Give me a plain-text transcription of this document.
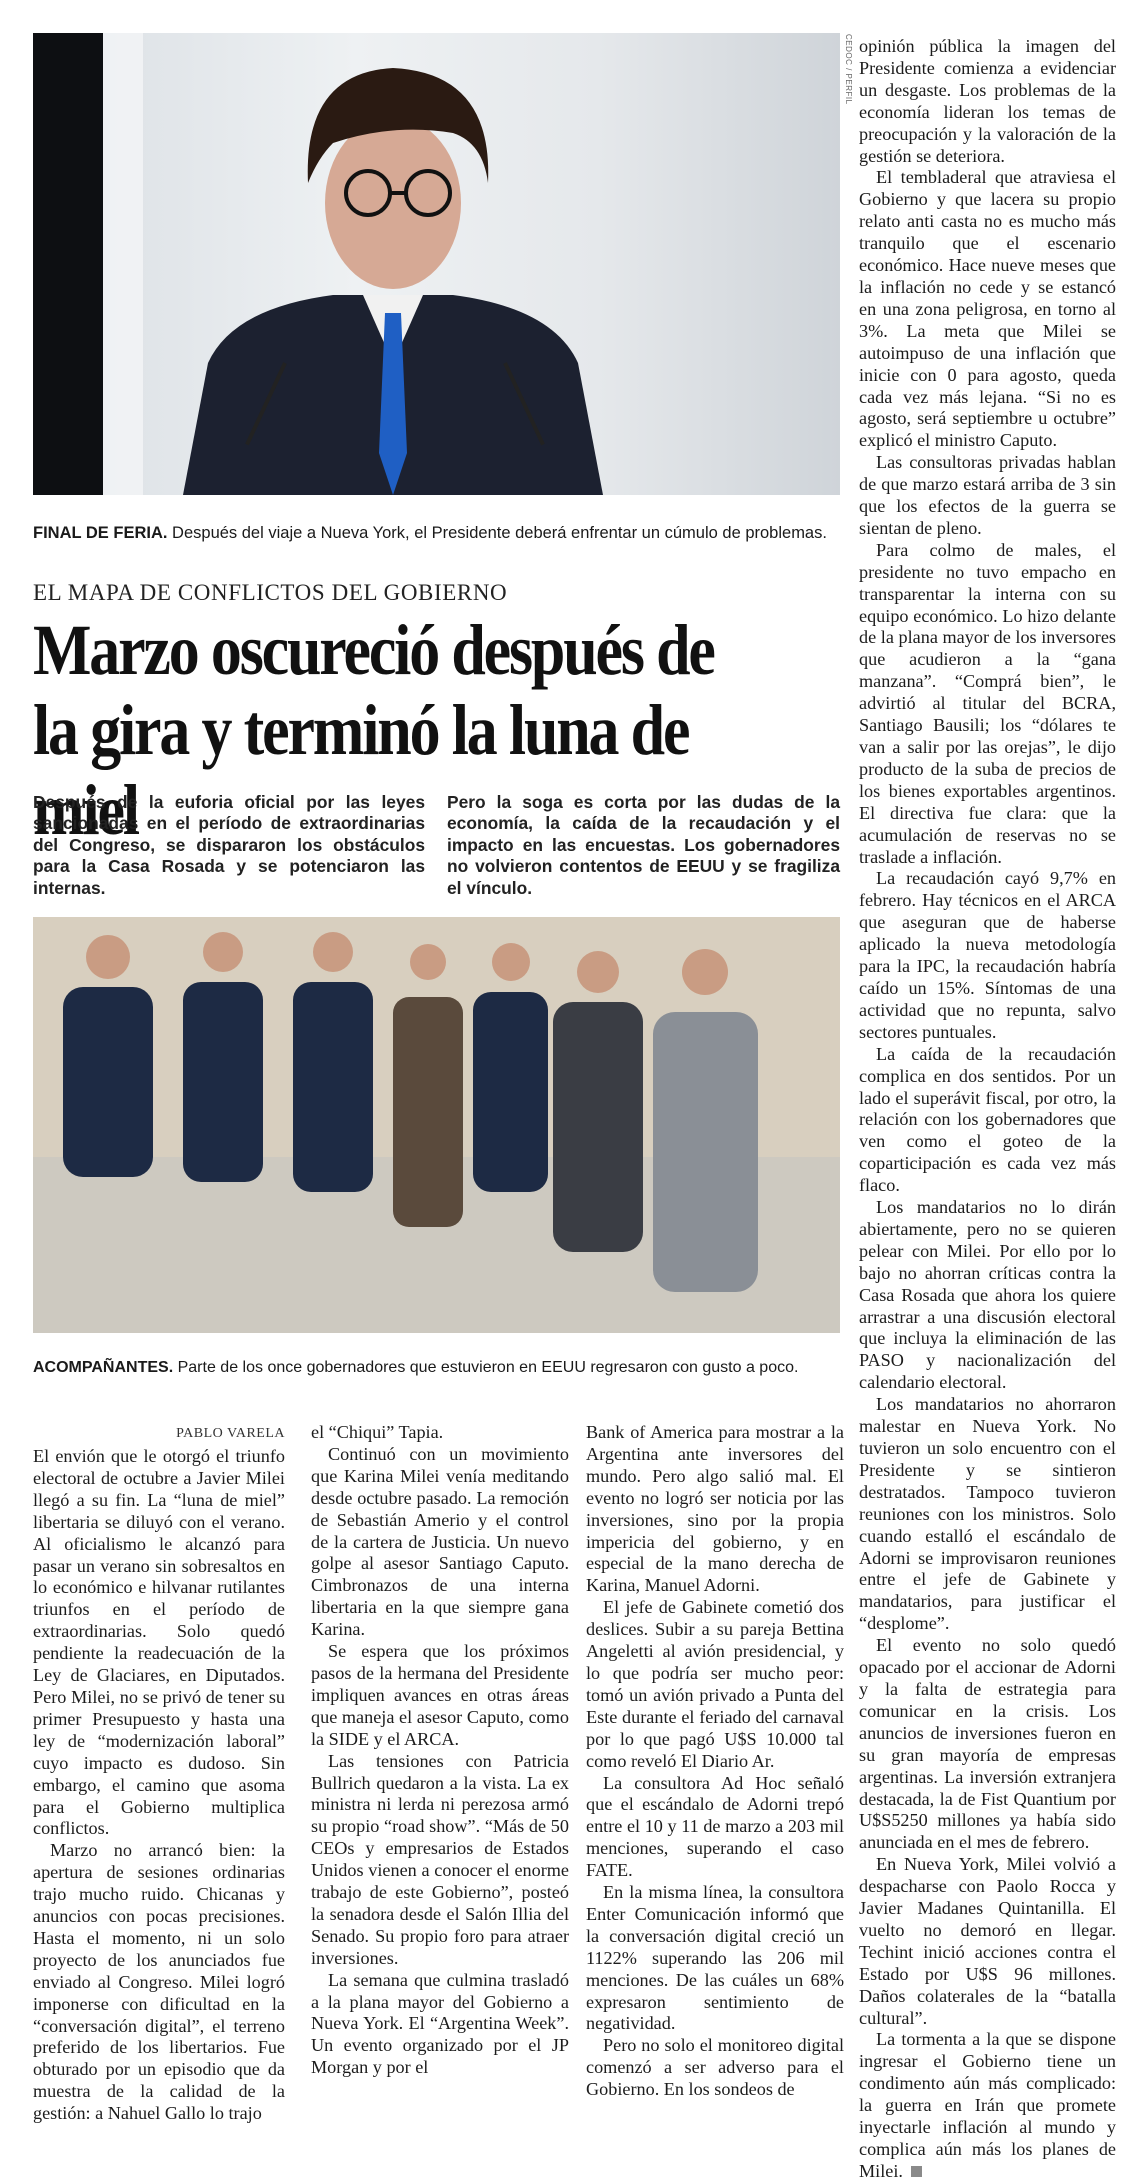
CEDOC / PERFIL
FINAL DE FERIA. Después del viaje a Nueva York, el Presidente deberá enfrentar un cúmulo de problemas.
EL MAPA DE CONFLICTOS DEL GOBIERNO
Marzo oscureció después de la gira y terminó la luna de miel
Después de la euforia oficial por las leyes sancionadas en el período de extraordinarias del Congreso, se dispararon los obstáculos para la Casa Rosada y se potenciaron las internas.
Pero la soga es corta por las dudas de la economía, la caída de la recaudación y el impacto en las encuestas. Los gobernadores no volvieron contentos de EEUU y se fragiliza el vínculo.
ACOMPAÑANTES. Parte de los once gobernadores que estuvieron en EEUU regresaron con gusto a poco.
PABLO VARELA

El envión que le otorgó el triunfo electoral de octubre a Javier Milei llegó a su fin. La “luna de miel” libertaria se diluyó con el verano. Al oficialismo le alcanzó para pasar un verano sin sobresaltos en lo económico e hilvanar rutilantes triunfos en el período de extraordinarias. Solo quedó pendiente la readecuación de la Ley de Glaciares, en Diputados. Pero Milei, no se privó de tener su primer Presupuesto y hasta una ley de “modernización laboral” cuyo impacto es dudoso. Sin embargo, el camino que asoma para el Gobierno multiplica conflictos.

Marzo no arrancó bien: la apertura de sesiones ordinarias trajo mucho ruido. Chicanas y anuncios con pocas precisiones. Hasta el momento, ni un solo proyecto de los anunciados fue enviado al Congreso. Milei logró imponerse con dificultad en la “conversación digital”, el terreno preferido de los libertarios. Fue obturado por un episodio que da muestra de la calidad de la gestión: a Nahuel Gallo lo trajo

el “Chiqui” Tapia.

Continuó con un movimiento que Karina Milei venía meditando desde octubre pasado. La remoción de Sebastián Amerio y el control de la cartera de Justicia. Un nuevo golpe al asesor Santiago Caputo. Cimbronazos de una interna libertaria en la que siempre gana Karina.

Se espera que los próximos pasos de la hermana del Presidente impliquen avances en otras áreas que maneja el asesor Caputo, como la SIDE y el ARCA.

Las tensiones con Patricia Bullrich quedaron a la vista. La ex ministra ni lerda ni perezosa armó su propio “road show”. “Más de 50 CEOs y empresarios de Estados Unidos vienen a conocer el enorme trabajo de este Gobierno”, posteó la senadora desde el Salón Illia del Senado. Su propio foro para atraer inversiones.

La semana que culmina trasladó a la plana mayor del Gobierno a Nueva York. El “Argentina Week”. Un evento organizado por el JP Morgan y por el

Bank of America para mostrar a la Argentina ante inversores del mundo. Pero algo salió mal. El evento no logró ser noticia por las inversiones, sino por la propia impericia del gobierno, y en especial de la mano derecha de Karina, Manuel Adorni.

El jefe de Gabinete cometió dos deslices. Subir a su pareja Bettina Angeletti al avión presidencial, y lo que podría ser mucho peor: tomó un avión privado a Punta del Este durante el feriado del carnaval por lo que pagó U$S 10.000 tal como reveló El Diario Ar.

La consultora Ad Hoc señaló que el escándalo de Adorni trepó entre el 10 y 11 de marzo a 203 mil menciones, superando el caso FATE.

En la misma línea, la consultora Enter Comunicación informó que la conversación digital creció un 1122% superando las 206 mil menciones. De las cuáles un 68% expresaron sentimiento de negatividad.

Pero no solo el monitoreo digital comenzó a ser adverso para el Gobierno. En los sondeos de

opinión pública la imagen del Presidente comienza a evidenciar un desgaste. Los problemas de la economía lideran los temas de preocupación y la valoración de la gestión se deteriora.

El tembladeral que atraviesa el Gobierno y que lacera su propio relato anti casta no es mucho más tranquilo que el escenario económico. Hace nueve meses que la inflación no cede y se estancó en una zona peligrosa, en torno al 3%. La meta que Milei se autoimpuso de una inflación que inicie con 0 para agosto, queda cada vez más lejana. “Si no es agosto, será septiembre u octubre” explicó el ministro Caputo.

Las consultoras privadas hablan de que marzo estará arriba de 3 sin que los efectos de la guerra se sientan de pleno.

Para colmo de males, el presidente no tuvo empacho en transparentar la interna con su equipo económico. Lo hizo delante de la plana mayor de los inversores que acudieron a la “gana manzana”. “Comprá bien”, le advirtió al titular del BCRA, Santiago Bausili; los “dólares te van a salir por las orejas”, le dijo producto de la suba de precios de los bienes exportables argentinos. El directiva fue clara: que la acumulación de reservas no se traslade a inflación.

La recaudación cayó 9,7% en febrero. Hay técnicos en el ARCA que aseguran que de haberse aplicado la nueva metodología para la IPC, la recaudación habría caído un 15%. Síntomas de una actividad que no repunta, salvo sectores puntuales.

La caída de la recaudación complica en dos sentidos. Por un lado el superávit fiscal, por otro, la relación con los gobernadores que ven como el goteo de la coparticipación es cada vez más flaco.

Los mandatarios no lo dirán abiertamente, pero no se quieren pelear con Milei. Por ello por lo bajo no ahorran críticas contra la Casa Rosada que ahora los quiere arrastrar a una discusión electoral que incluya la eliminación de las PASO y nacionalización del calendario electoral.

Los mandatarios no ahorraron malestar en Nueva York. No tuvieron un solo encuentro con el Presidente y se sintieron destratados. Tampoco tuvieron reuniones con los ministros. Solo cuando estalló el escándalo de Adorni se improvisaron reuniones entre el jefe de Gabinete y mandatarios, para justificar el “desplome”.

El evento no solo quedó opacado por el accionar de Adorni y la falta de estrategia para comunicar en la crisis. Los anuncios de inversiones fueron en su gran mayoría de empresas argentinas. La inversión extranjera destacada, la de Fist Quantium por U$S5250 millones ya había sido anunciada en el mes de febrero.

En Nueva York, Milei volvió a despacharse con Paolo Rocca y Javier Madanes Quintanilla. El vuelto no demoró en llegar. Techint inició acciones contra el Estado por U$S 96 millones. Daños colaterales de la “batalla cultural”.

La tormenta a la que se dispone ingresar el Gobierno tiene un condimento aún más complicado: la guerra en Irán que promete inyectarle inflación al mundo y complica aún más los planes de Milei.
